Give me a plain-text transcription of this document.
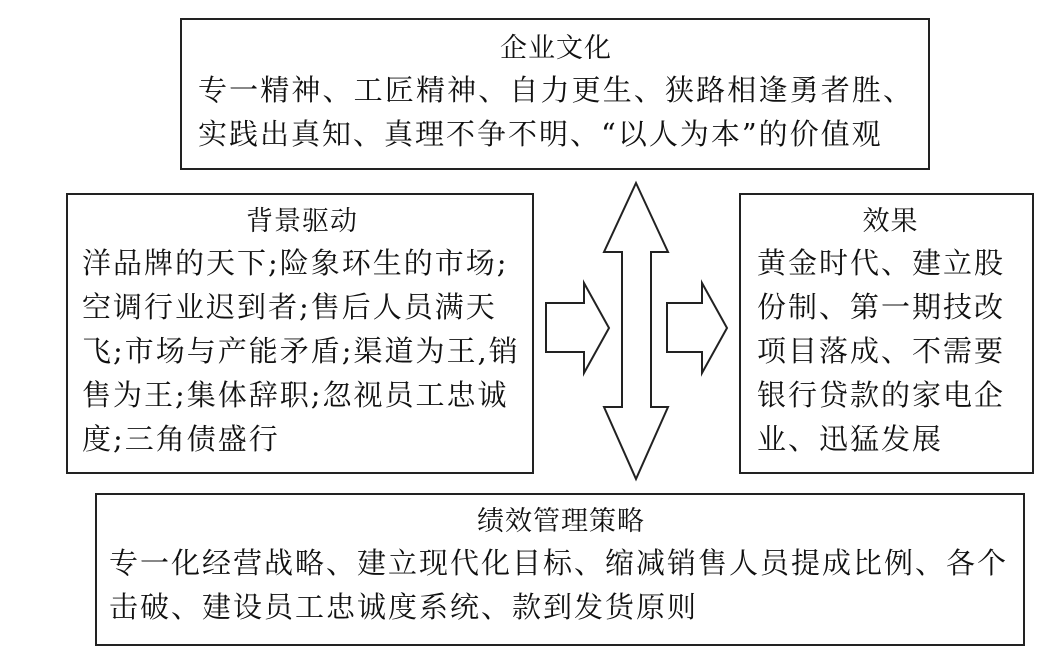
企业文化
专一精神、工匠精神、自力更生、狭路相逢勇者胜、实践出真知、真理不争不明、“以人为本”的价值观
背景驱动
洋品牌的天下;险象环生的市场;空调行业迟到者;售后人员满天飞;市场与产能矛盾;渠道为王,销售为王;集体辞职;忽视员工忠诚度;三角债盛行
效果
黄金时代、建立股份制、第一期技改项目落成、不需要银行贷款的家电企业、迅猛发展
绩效管理策略
专一化经营战略、建立现代化目标、缩减销售人员提成比例、各个击破、建设员工忠诚度系统、款到发货原则
